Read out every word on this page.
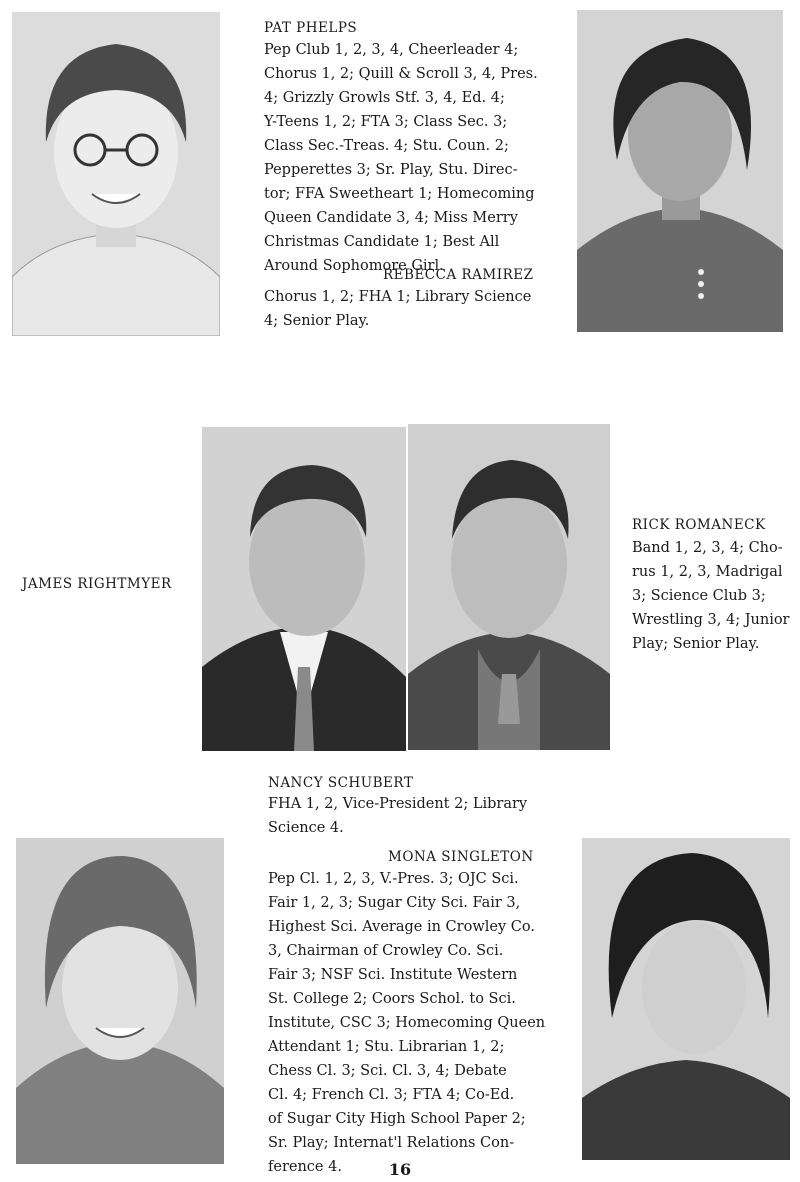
PAT PHELPS
Pep Club 1, 2, 3, 4, Cheerleader 4;
Chorus 1, 2; Quill & Scroll 3, 4, Pres.
4; Grizzly Growls Stf. 3, 4, Ed. 4;
Y-Teens 1, 2; FTA 3; Class Sec. 3;
Class Sec.-Treas. 4; Stu. Coun. 2;
Pepperettes 3; Sr. Play, Stu. Direc-
tor; FFA Sweetheart 1; Homecoming
Queen Candidate 3, 4; Miss Merry
Christmas Candidate 1; Best All
Around Sophomore Girl.
REBECCA RAMIREZ
Chorus 1, 2; FHA 1; Library Science
4; Senior Play.
JAMES RIGHTMYER
RICK ROMANECK
Band 1, 2, 3, 4; Cho-
rus 1, 2, 3, Madrigal
3; Science Club 3;
Wrestling 3, 4; Junior
Play; Senior Play.
NANCY SCHUBERT
FHA 1, 2, Vice-President 2; Library
Science 4.
MONA SINGLETON
Pep Cl. 1, 2, 3, V.-Pres. 3; OJC Sci.
Fair 1, 2, 3; Sugar City Sci. Fair 3,
Highest Sci. Average in Crowley Co.
3, Chairman of Crowley Co. Sci.
Fair 3; NSF Sci. Institute Western
St. College 2; Coors Schol. to Sci.
Institute, CSC 3; Homecoming Queen
Attendant 1; Stu. Librarian 1, 2;
Chess Cl. 3; Sci. Cl. 3, 4; Debate
Cl. 4; French Cl. 3; FTA 4; Co-Ed.
of Sugar City High School Paper 2;
Sr. Play; Internat'l Relations Con-
ference 4.	16
